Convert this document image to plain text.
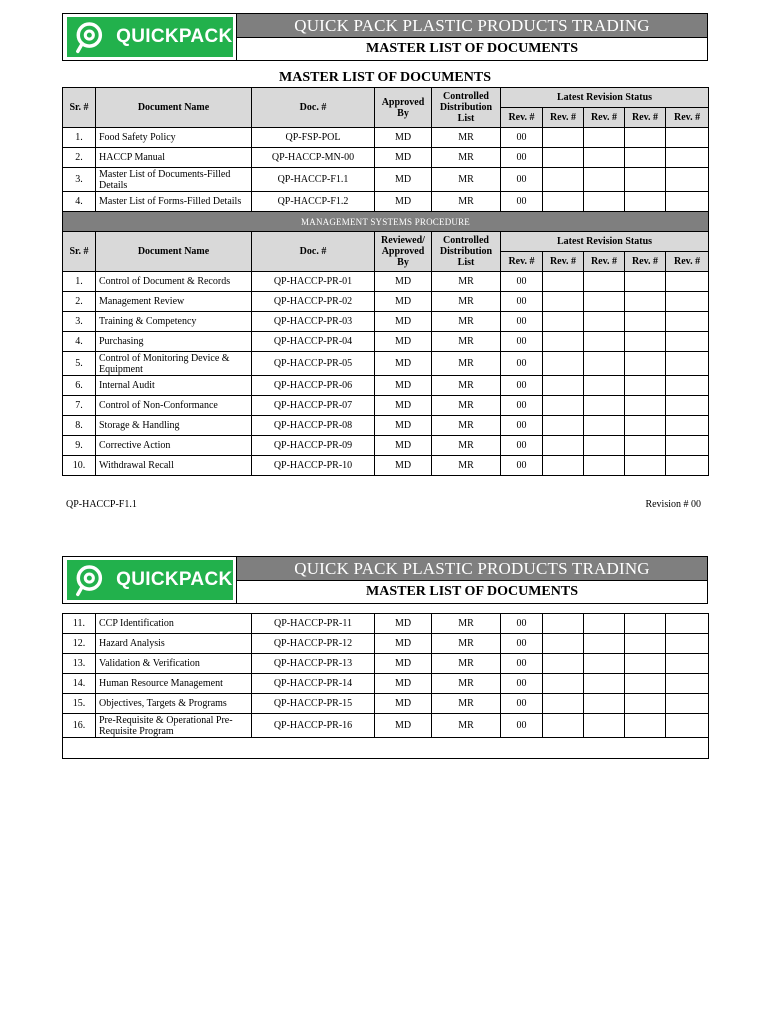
QUICKPACK
QUICK PACK PLASTIC PRODUCTS TRADING
MASTER LIST OF DOCUMENTS
MASTER LIST OF DOCUMENTS
Sr. #	Document Name	Doc. #	Approved By	Controlled Distribution List	Latest Revision Status				
					Rev. #	Rev. #	Rev. #	Rev. #	Rev. #
1.	Food Safety Policy	QP-FSP-POL	MD	MR	00				
2.	HACCP Manual	QP-HACCP-MN-00	MD	MR	00				
3.	Master List of Documents-Filled Details	QP-HACCP-F1.1	MD	MR	00				
4.	Master List of Forms-Filled Details	QP-HACCP-F1.2	MD	MR	00				
MANAGEMENT SYSTEMS PROCEDURE									
Sr. #	Document Name	Doc. #	Reviewed/ Approved By	Controlled Distribution List	Latest Revision Status				
					Rev. #	Rev. #	Rev. #	Rev. #	Rev. #
1.	Control of Document & Records	QP-HACCP-PR-01	MD	MR	00				
2.	Management Review	QP-HACCP-PR-02	MD	MR	00				
3.	Training & Competency	QP-HACCP-PR-03	MD	MR	00				
4.	Purchasing	QP-HACCP-PR-04	MD	MR	00				
5.	Control of Monitoring Device & Equipment	QP-HACCP-PR-05	MD	MR	00				
6.	Internal Audit	QP-HACCP-PR-06	MD	MR	00				
7.	Control of Non-Conformance	QP-HACCP-PR-07	MD	MR	00				
8.	Storage & Handling	QP-HACCP-PR-08	MD	MR	00				
9.	Corrective Action	QP-HACCP-PR-09	MD	MR	00				
10.	Withdrawal Recall	QP-HACCP-PR-10	MD	MR	00				
QP-HACCP-F1.1	Revision # 00
QUICKPACK
QUICK PACK PLASTIC PRODUCTS TRADING
MASTER LIST OF DOCUMENTS
11.	CCP Identification	QP-HACCP-PR-11	MD	MR	00				
12.	Hazard Analysis	QP-HACCP-PR-12	MD	MR	00				
13.	Validation & Verification	QP-HACCP-PR-13	MD	MR	00				
14.	Human Resource Management	QP-HACCP-PR-14	MD	MR	00				
15.	Objectives, Targets & Programs	QP-HACCP-PR-15	MD	MR	00				
16.	Pre-Requisite & Operational Pre-Requisite Program	QP-HACCP-PR-16	MD	MR	00				
